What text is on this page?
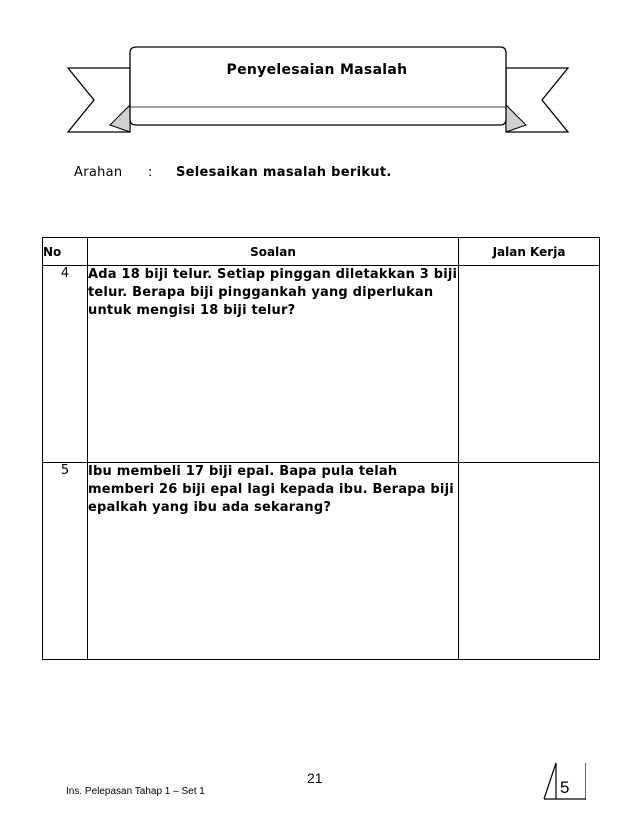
Penyelesaian Masalah
Arahan : Selesaikan masalah berikut.
No	Soalan	Jalan Kerja
4	Ada 18 biji telur. Setiap pinggan diletakkan 3 biji telur. Berapa biji pinggankah yang diperlukan untuk mengisi 18 biji telur?	
5	Ibu membeli 17 biji epal. Bapa pula telah memberi 26 biji epal lagi kepada ibu. Berapa biji epalkah yang ibu ada sekarang?	
Ins. Pelepasan Tahap 1 – Set 1
21	5
